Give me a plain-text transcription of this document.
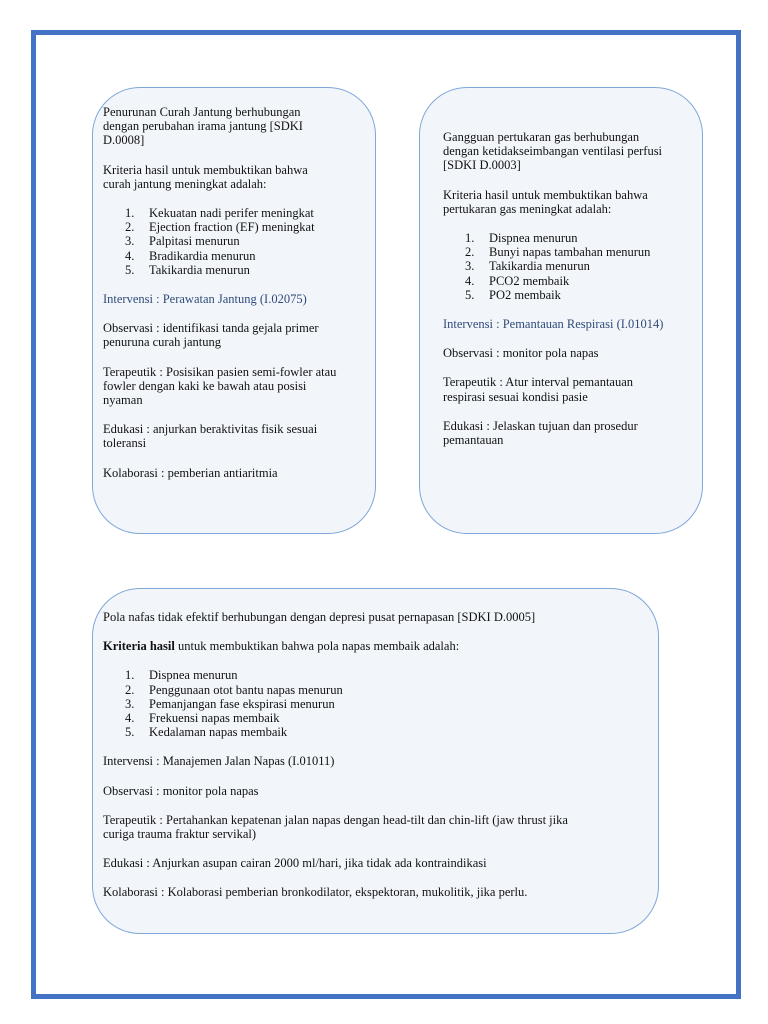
Penurunan Curah Jantung berhubungan dengan perubahan irama jantung [SDKI D.0008]

Kriteria hasil untuk membuktikan bahwa curah jantung meningkat adalah:

1. Kekuatan nadi perifer meningkat
2. Ejection fraction (EF) meningkat
3. Palpitasi menurun
4. Bradikardia menurun
5. Takikardia menurun

Intervensi : Perawatan Jantung (I.02075)

Observasi : identifikasi tanda gejala primer penuruna curah jantung

Terapeutik : Posisikan pasien semi-fowler atau fowler dengan kaki ke bawah atau posisi nyaman

Edukasi : anjurkan beraktivitas fisik sesuai toleransi

Kolaborasi : pemberian antiaritmia

Gangguan pertukaran gas berhubungan dengan ketidakseimbangan ventilasi perfusi [SDKI D.0003]

Kriteria hasil untuk membuktikan bahwa pertukaran gas meningkat adalah:

1. Dispnea menurun
2. Bunyi napas tambahan menurun
3. Takikardia menurun
4. PCO2 membaik
5. PO2 membaik

Intervensi : Pemantauan Respirasi (I.01014)

Observasi : monitor pola napas

Terapeutik : Atur interval pemantauan respirasi sesuai kondisi pasie

Edukasi : Jelaskan tujuan dan prosedur pemantauan

Pola nafas tidak efektif berhubungan dengan depresi pusat pernapasan [SDKI D.0005]

Kriteria hasil untuk membuktikan bahwa pola napas membaik adalah:

1. Dispnea menurun
2. Penggunaan otot bantu napas menurun
3. Pemanjangan fase ekspirasi menurun
4. Frekuensi napas membaik
5. Kedalaman napas membaik

Intervensi : Manajemen Jalan Napas (I.01011)

Observasi : monitor pola napas

Terapeutik : Pertahankan kepatenan jalan napas dengan head-tilt dan chin-lift (jaw thrust jika curiga trauma fraktur servikal)

Edukasi : Anjurkan asupan cairan 2000 ml/hari, jika tidak ada kontraindikasi

Kolaborasi : Kolaborasi pemberian bronkodilator, ekspektoran, mukolitik, jika perlu.
